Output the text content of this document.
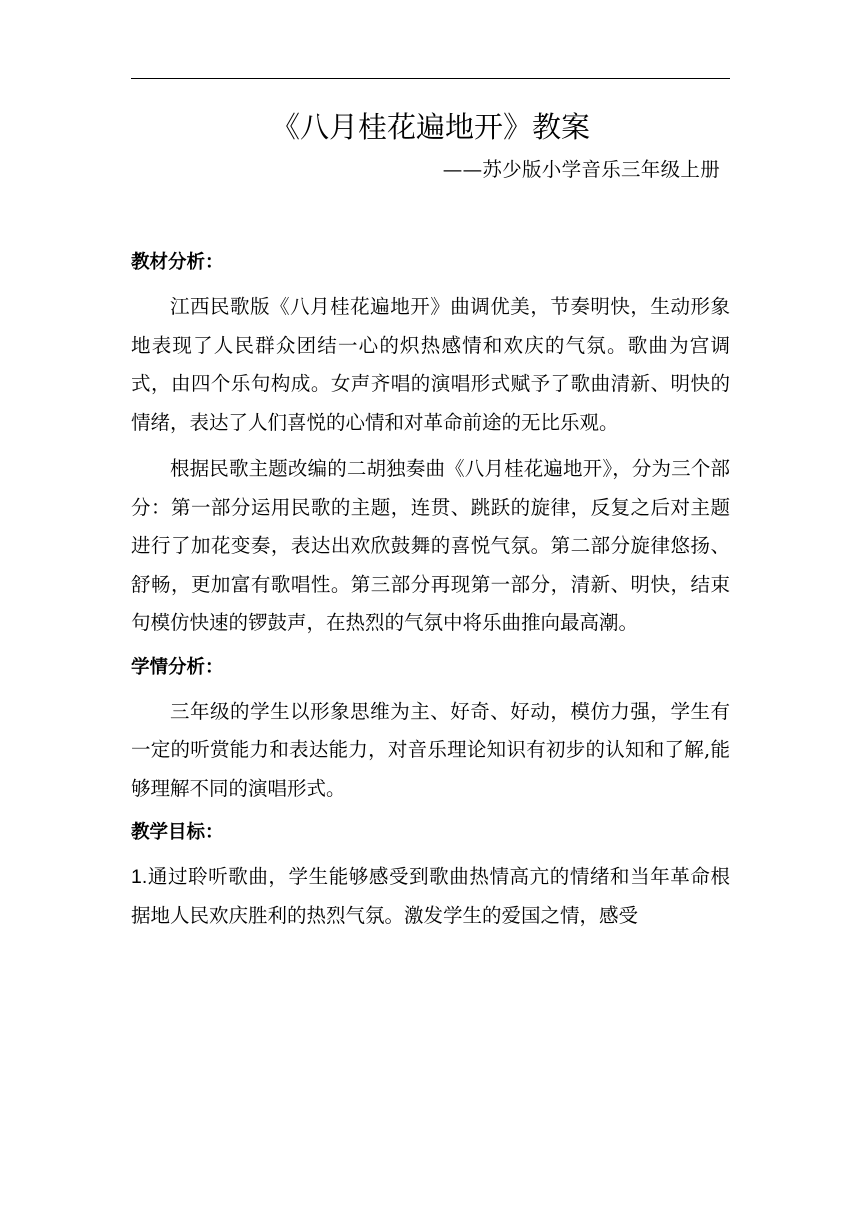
《八月桂花遍地开》教案
——苏少版小学音乐三年级上册
教材分析：

江西民歌版《八月桂花遍地开》曲调优美，节奏明快，生动形象地表现了人民群众团结一心的炽热感情和欢庆的气氛。歌曲为宫调式，由四个乐句构成。女声齐唱的演唱形式赋予了歌曲清新、明快的情绪，表达了人们喜悦的心情和对革命前途的无比乐观。

根据民歌主题改编的二胡独奏曲《八月桂花遍地开》，分为三个部分：第一部分运用民歌的主题，连贯、跳跃的旋律，反复之后对主题进行了加花变奏，表达出欢欣鼓舞的喜悦气氛。第二部分旋律悠扬、舒畅，更加富有歌唱性。第三部分再现第一部分，清新、明快，结束句模仿快速的锣鼓声，在热烈的气氛中将乐曲推向最高潮。

学情分析：

三年级的学生以形象思维为主、好奇、好动，模仿力强，学生有一定的听赏能力和表达能力，对音乐理论知识有初步的认知和了解,能够理解不同的演唱形式。

教学目标：

1.通过聆听歌曲，学生能够感受到歌曲热情高亢的情绪和当年革命根据地人民欢庆胜利的热烈气氛。激发学生的爱国之情，感受
